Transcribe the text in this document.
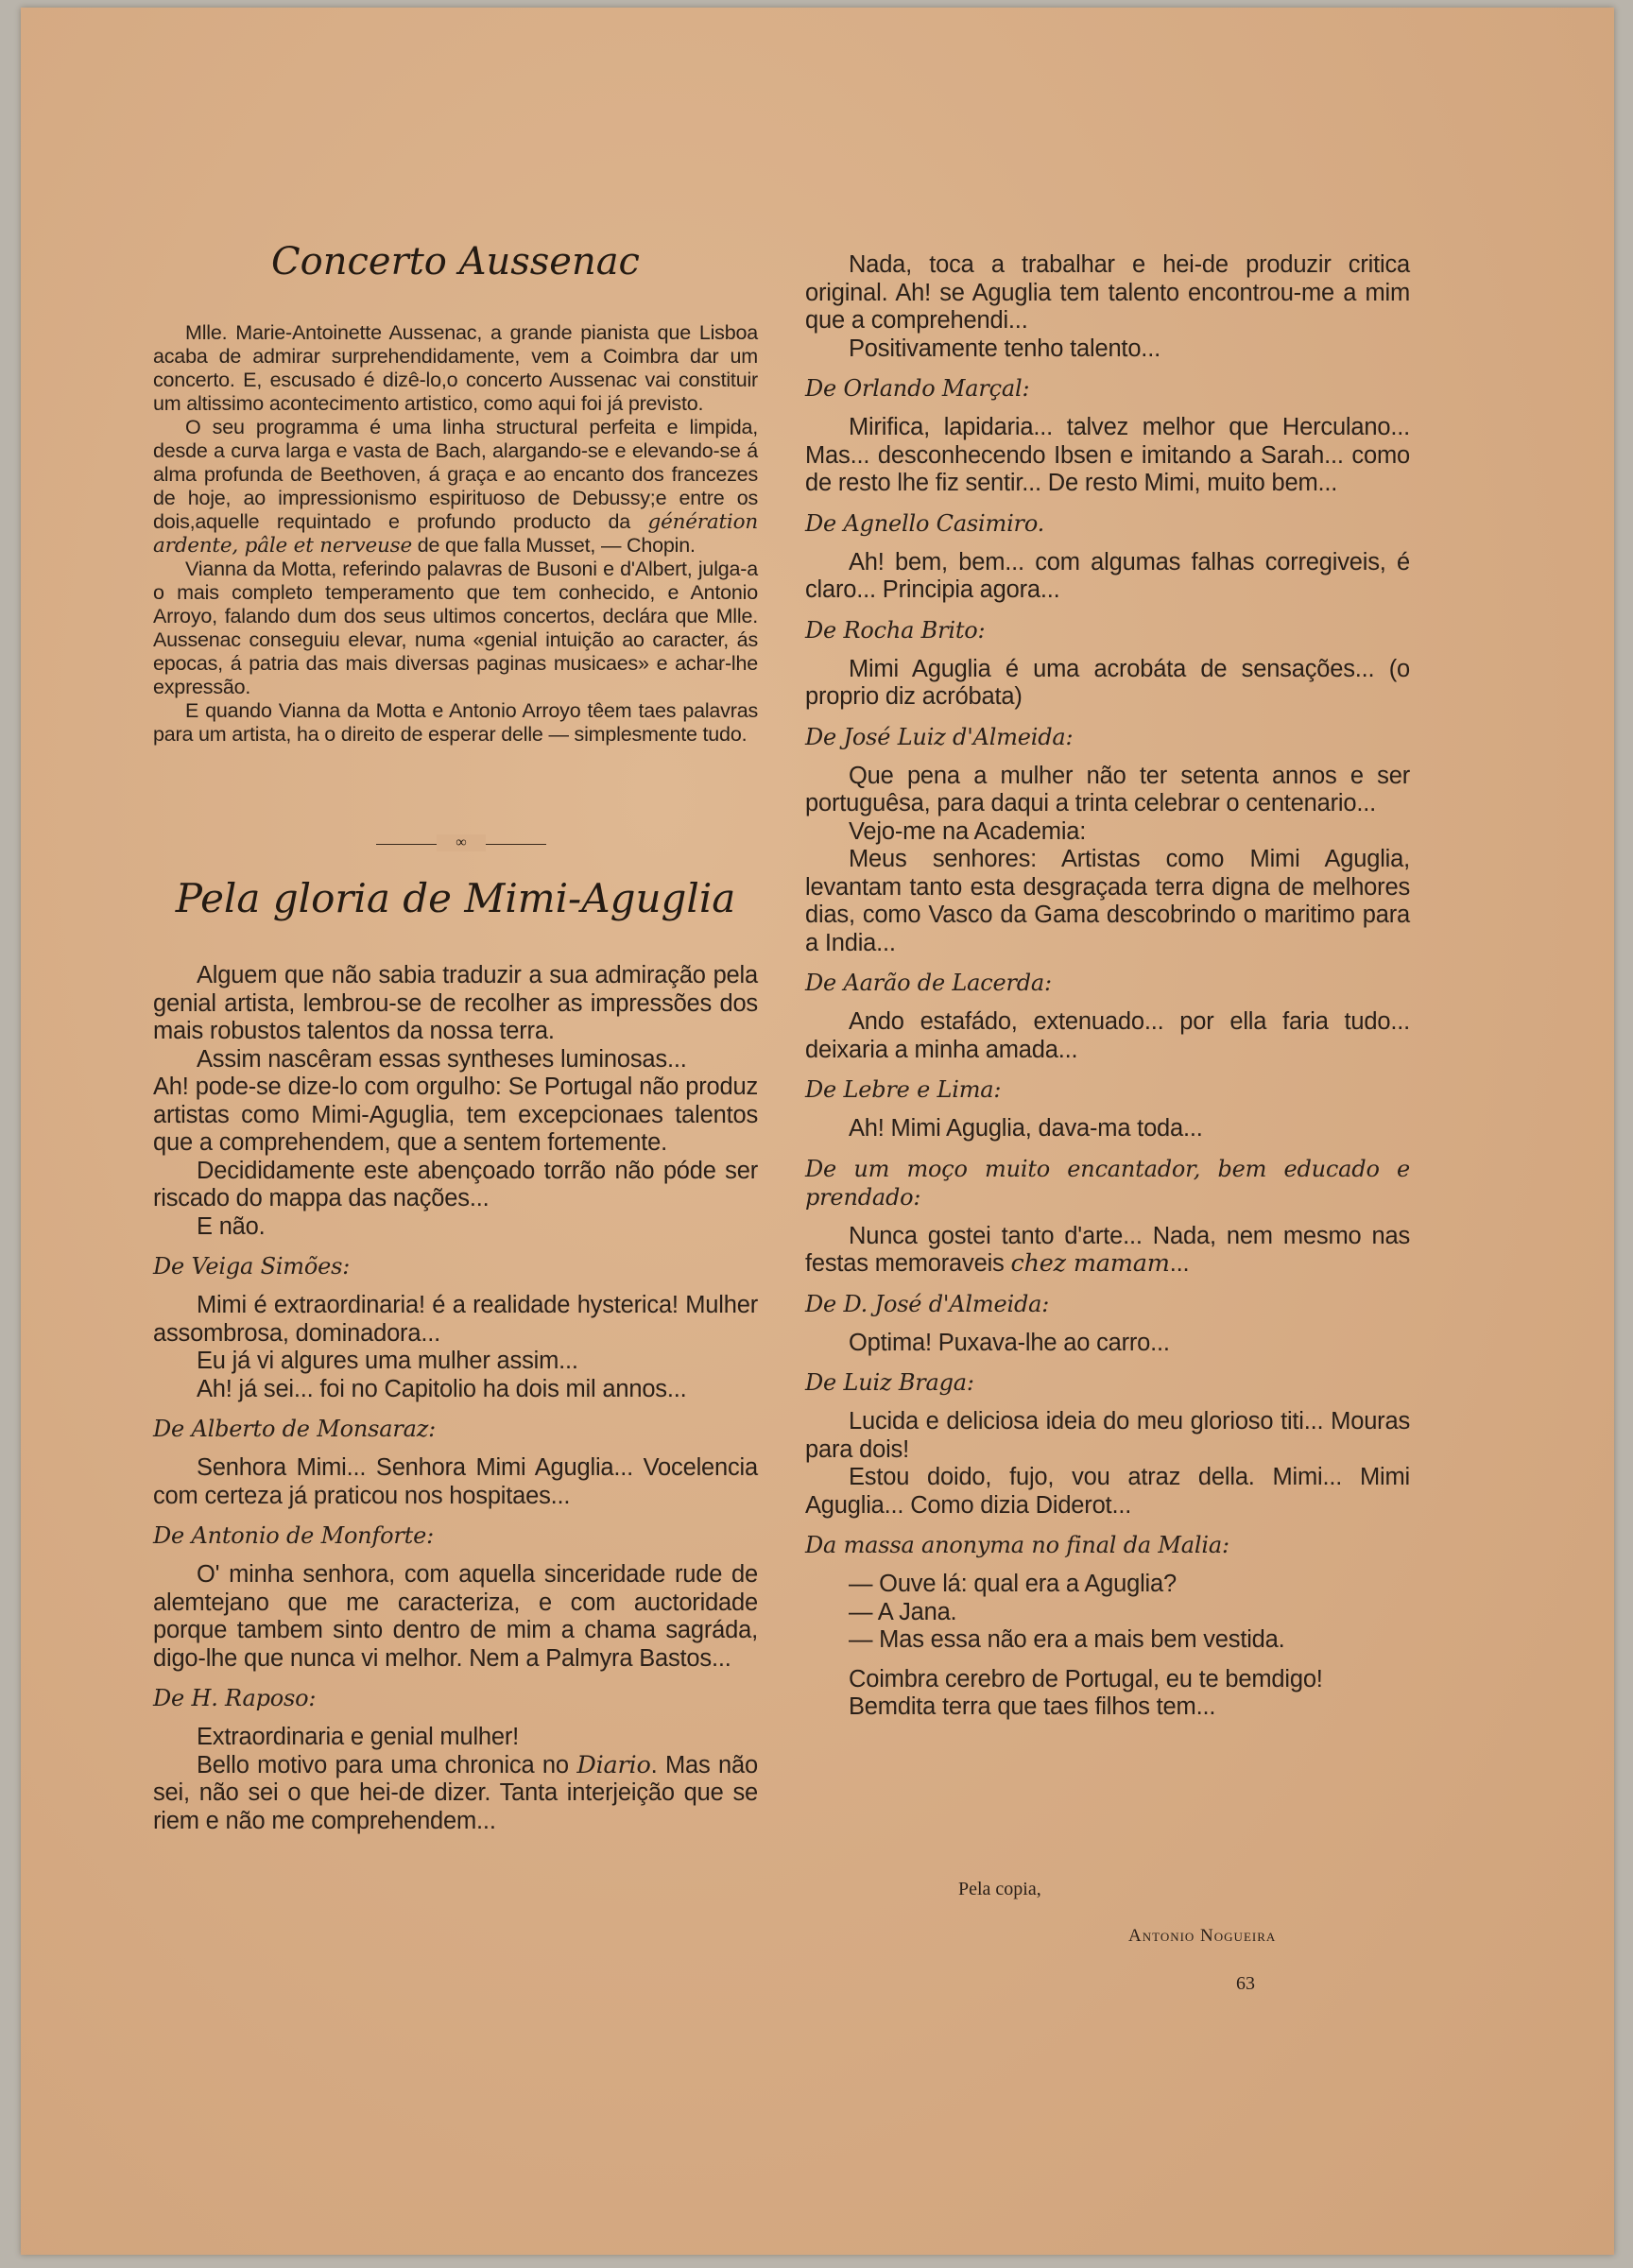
Concerto Aussenac

Mlle. Marie-Antoinette Aussenac, a grande pianista que Lisboa acaba de admirar surprehendidamente, vem a Coimbra dar um concerto. E, escusado é dizê-lo,o concerto Aussenac vai constituir um altissimo acontecimento artistico, como aqui foi já previsto.

O seu programma é uma linha structural perfeita e limpida, desde a curva larga e vasta de Bach, alargando-se e elevando-se á alma profunda de Beethoven, á graça e ao encanto dos francezes de hoje, ao impressionismo espirituoso de Debussy;e entre os dois,aquelle requintado e profundo producto da génération ardente, pâle et nerveuse de que falla Musset, — Chopin.

Vianna da Motta, referindo palavras de Busoni e d'Albert, julga-a o mais completo temperamento que tem conhecido, e Antonio Arroyo, falando dum dos seus ultimos concertos, declára que Mlle. Aussenac conseguiu elevar, numa «genial intuição ao caracter, ás epocas, á patria das mais diversas paginas musicaes» e achar-lhe expressão.

E quando Vianna da Motta e Antonio Arroyo têem taes palavras para um artista, ha o direito de esperar delle — simplesmente tudo.

∞
Pela gloria de Mimi-Aguglia

Alguem que não sabia traduzir a sua admiração pela genial artista, lembrou-se de recolher as impressões dos mais robustos talentos da nossa terra.

Assim nascêram essas syntheses luminosas...

Ah! pode-se dize-lo com orgulho: Se Portugal não produz artistas como Mimi-Aguglia, tem excepcionaes talentos que a comprehendem, que a sentem fortemente.

Decididamente este abençoado torrão não póde ser riscado do mappa das nações...

E não.

De Veiga Simões:

Mimi é extraordinaria! é a realidade hysterica! Mulher assombrosa, dominadora...

Eu já vi algures uma mulher assim...

Ah! já sei... foi no Capitolio ha dois mil annos...

De Alberto de Monsaraz:

Senhora Mimi... Senhora Mimi Aguglia... Vocelencia com certeza já praticou nos hospitaes...

De Antonio de Monforte:

O' minha senhora, com aquella sinceridade rude de alemtejano que me caracteriza, e com auctoridade porque tambem sinto dentro de mim a chama sagráda, digo-lhe que nunca vi melhor. Nem a Palmyra Bastos...

De H. Raposo:

Extraordinaria e genial mulher!

Bello motivo para uma chronica no Diario. Mas não sei, não sei o que hei-de dizer. Tanta interjeição que se riem e não me comprehendem...

Nada, toca a trabalhar e hei-de produzir critica original. Ah! se Aguglia tem talento encontrou-me a mim que a comprehendi...

Positivamente tenho talento...

De Orlando Marçal:

Mirifica, lapidaria... talvez melhor que Herculano... Mas... desconhecendo Ibsen e imitando a Sarah... como de resto lhe fiz sentir... De resto Mimi, muito bem...

De Agnello Casimiro.

Ah! bem, bem... com algumas falhas corregiveis, é claro... Principia agora...

De Rocha Brito:

Mimi Aguglia é uma acrobáta de sensações... (o proprio diz acróbata)

De José Luiz d'Almeida:

Que pena a mulher não ter setenta annos e ser portuguêsa, para daqui a trinta celebrar o centenario...

Vejo-me na Academia:

Meus senhores: Artistas como Mimi Aguglia, levantam tanto esta desgraçada terra digna de melhores dias, como Vasco da Gama descobrindo o maritimo para a India...

De Aarão de Lacerda:

Ando estafádo, extenuado... por ella faria tudo... deixaria a minha amada...

De Lebre e Lima:

Ah! Mimi Aguglia, dava-ma toda...

De um moço muito encantador, bem educado e prendado:

Nunca gostei tanto d'arte... Nada, nem mesmo nas festas memoraveis chez mamam...

De D. José d'Almeida:

Optima! Puxava-lhe ao carro...

De Luiz Braga:

Lucida e deliciosa ideia do meu glorioso titi... Mouras para dois!

Estou doido, fujo, vou atraz della. Mimi... Mimi Aguglia... Como dizia Diderot...

Da massa anonyma no final da Malia:

— Ouve lá: qual era a Aguglia?

— A Jana.

— Mas essa não era a mais bem vestida.

Coimbra cerebro de Portugal, eu te bemdigo!

Bemdita terra que taes filhos tem...

Pela copia,
Antonio Nogueira
63
